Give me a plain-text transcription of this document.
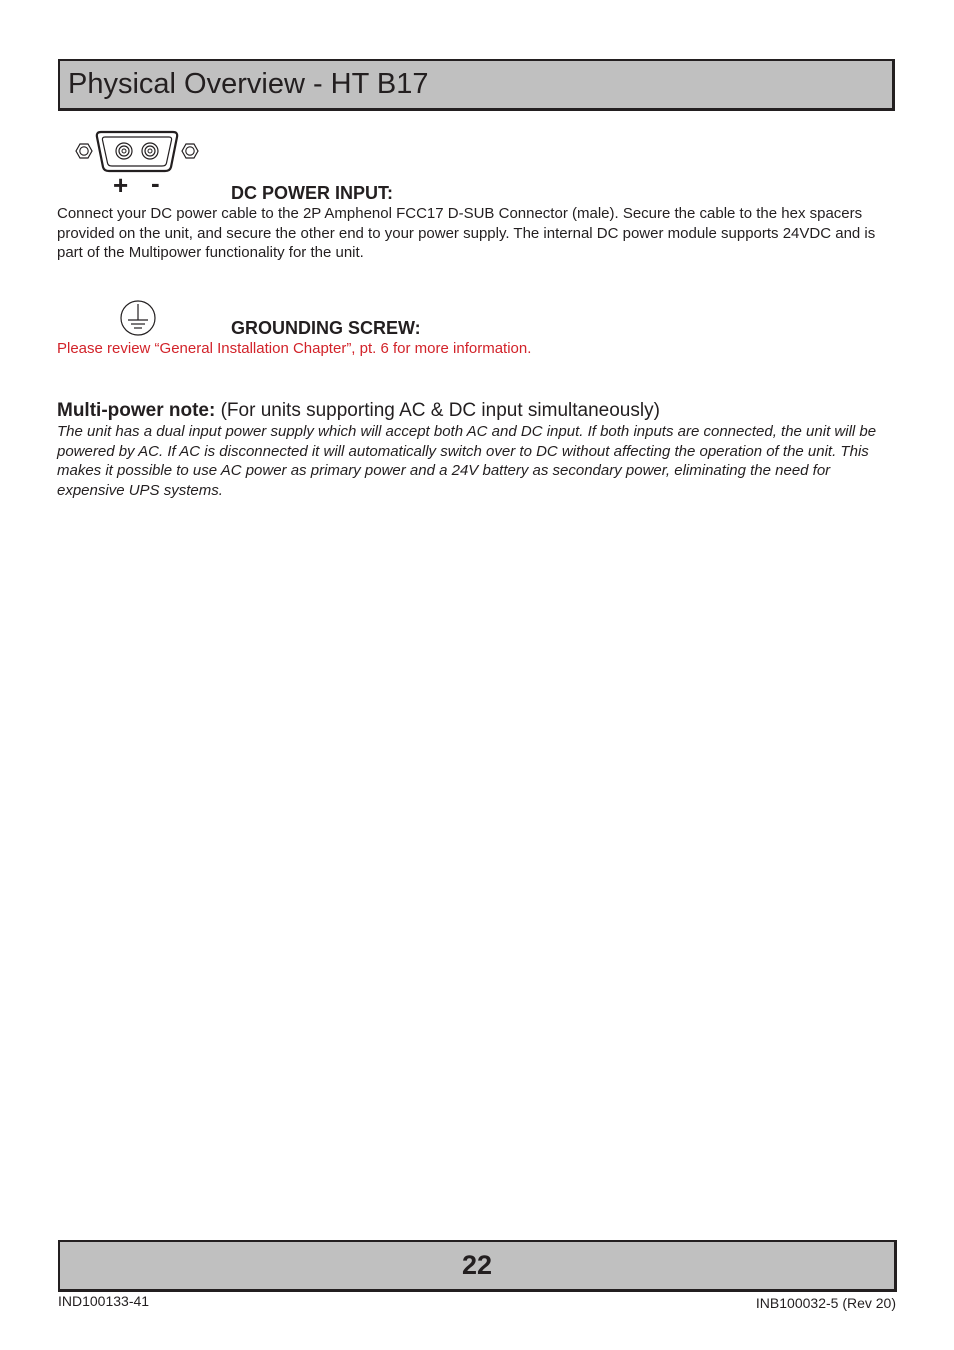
Physical Overview - HT B17
+ -	DC POWER INPUT:
Connect your DC power cable to the 2P Amphenol FCC17 D-SUB Connector (male). Secure the cable to the hex spacers provided on the unit, and secure the other end to your power supply. The internal DC power module supports 24VDC and is part of the Multipower functionality for the unit.
GROUNDING SCREW:
Please review “General Installation Chapter”, pt. 6 for more information.
Multi-power note: (For units supporting AC & DC input simultaneously)
The unit has a dual input power supply which will accept both AC and DC input. If both inputs are connected, the unit will be powered by AC. If AC is disconnected it will automatically switch over to DC without affecting the operation of the unit. This makes it possible to use AC power as primary power and a 24V battery as secondary power, eliminating the need for expensive UPS systems.
22
IND100133-41	INB100032-5 (Rev 20)
